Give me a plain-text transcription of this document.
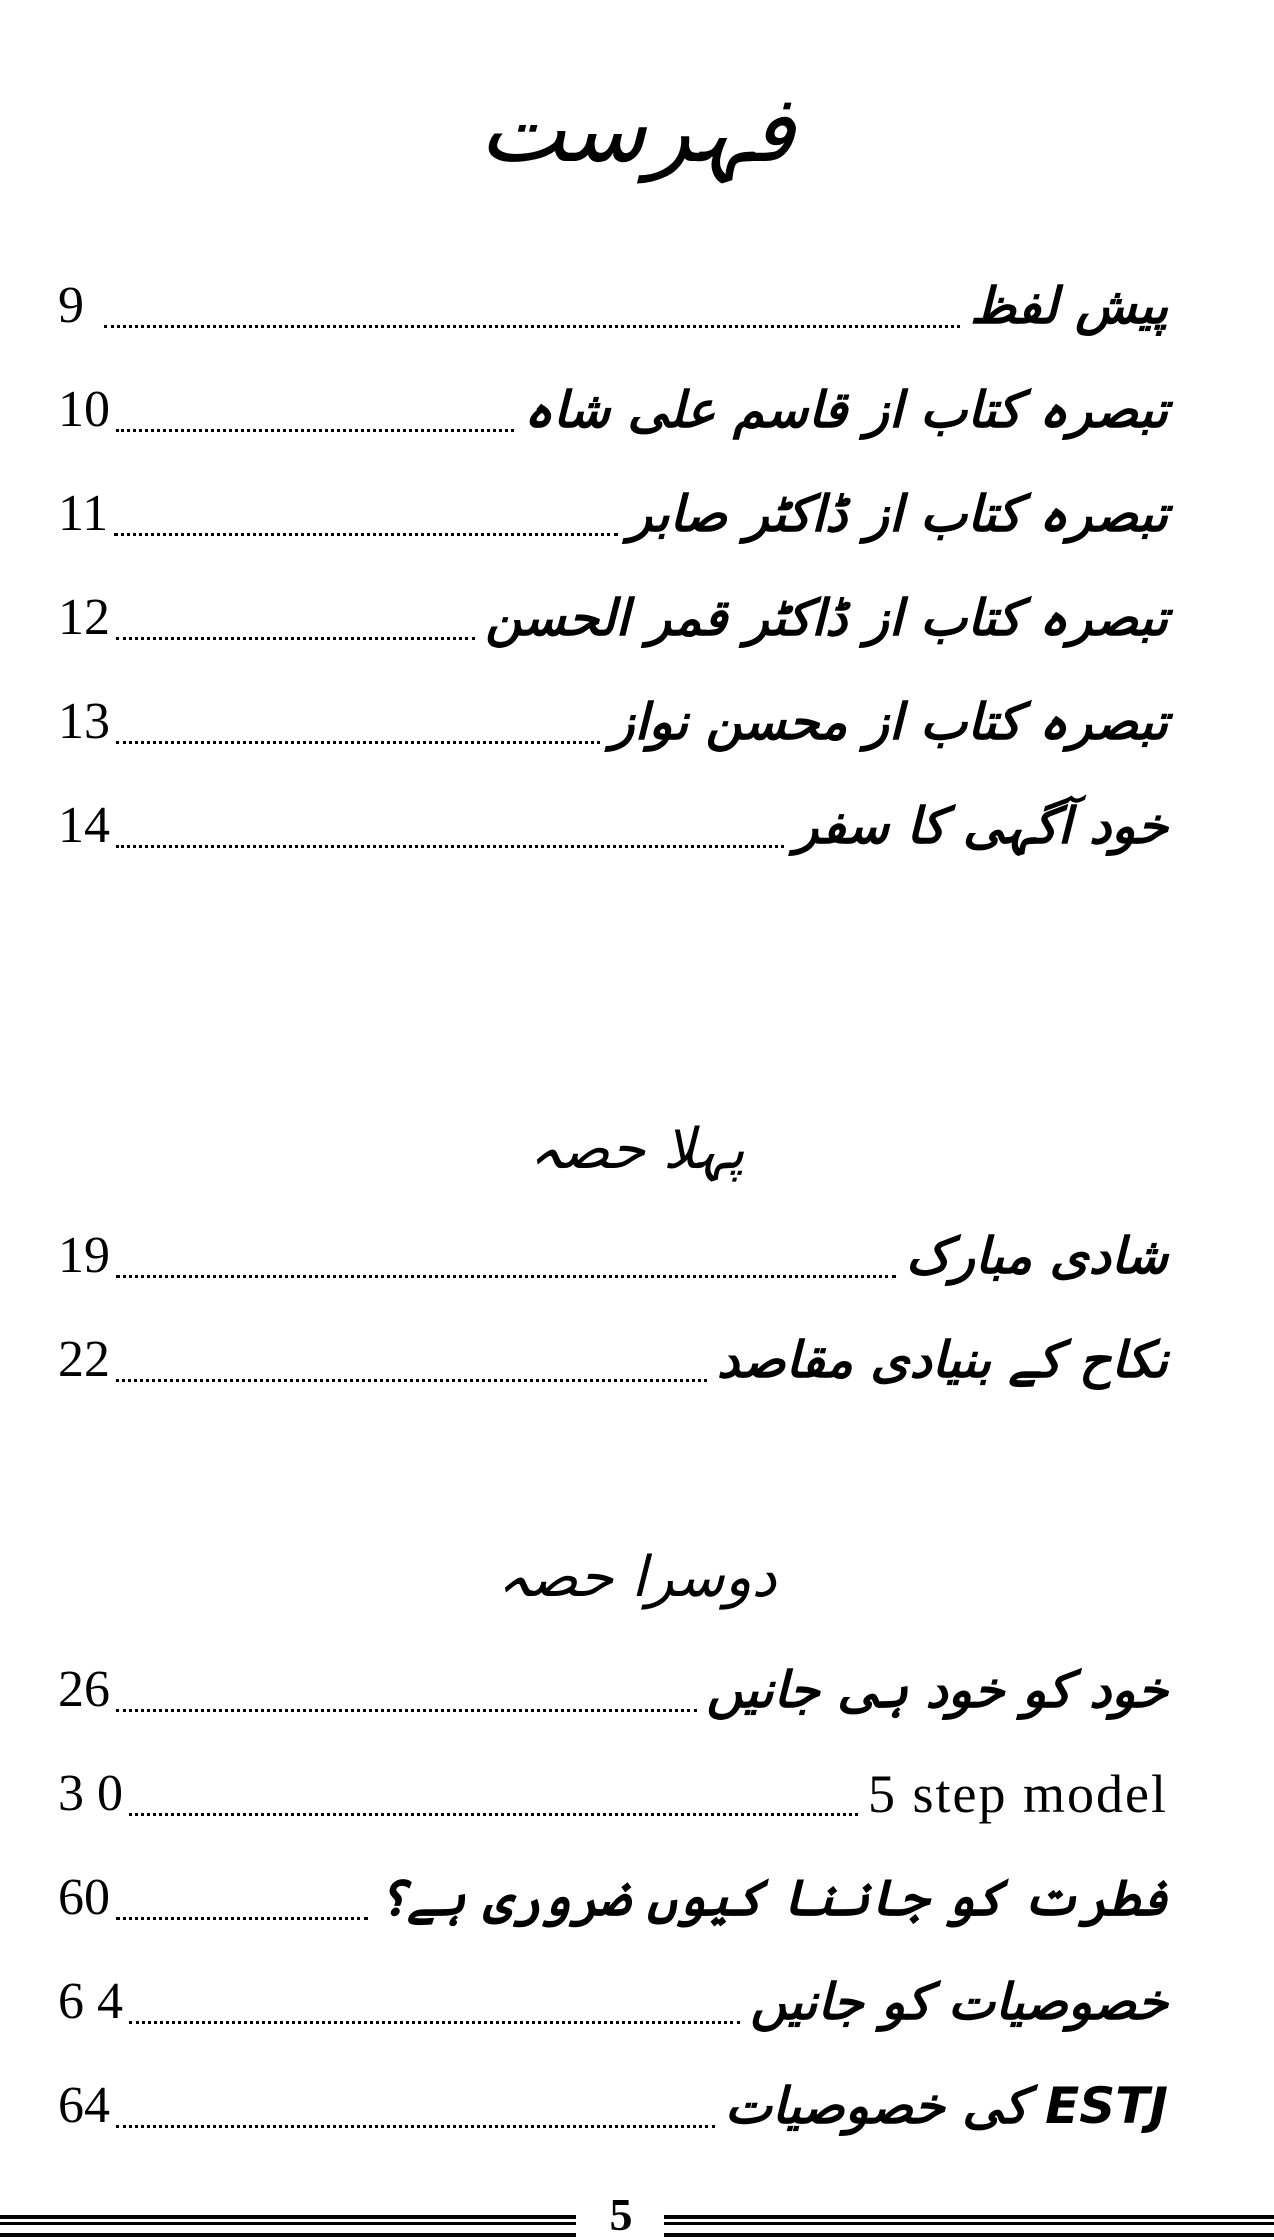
فہرست
پیش لفظ
9
تبصرہ کتاب از قاسم علی شاہ
10
تبصرہ کتاب از ڈاکٹر صابر
11
تبصرہ کتاب از ڈاکٹر قمر الحسن
12
تبصرہ کتاب از محسن نواز
13
خود آگہی کا سفر
14
پہلا حصہ
شادی مبارک
19
نکاح کے بنیادی مقاصد
22
دوسرا حصہ
خود کو خود ہی جانیں
26
5 step model
3 0
فطرت کو جاننا کیوں ضروری ہے؟
60
خصوصیات کو جانیں
6 4
ESTJ کی خصوصیات
64
5
